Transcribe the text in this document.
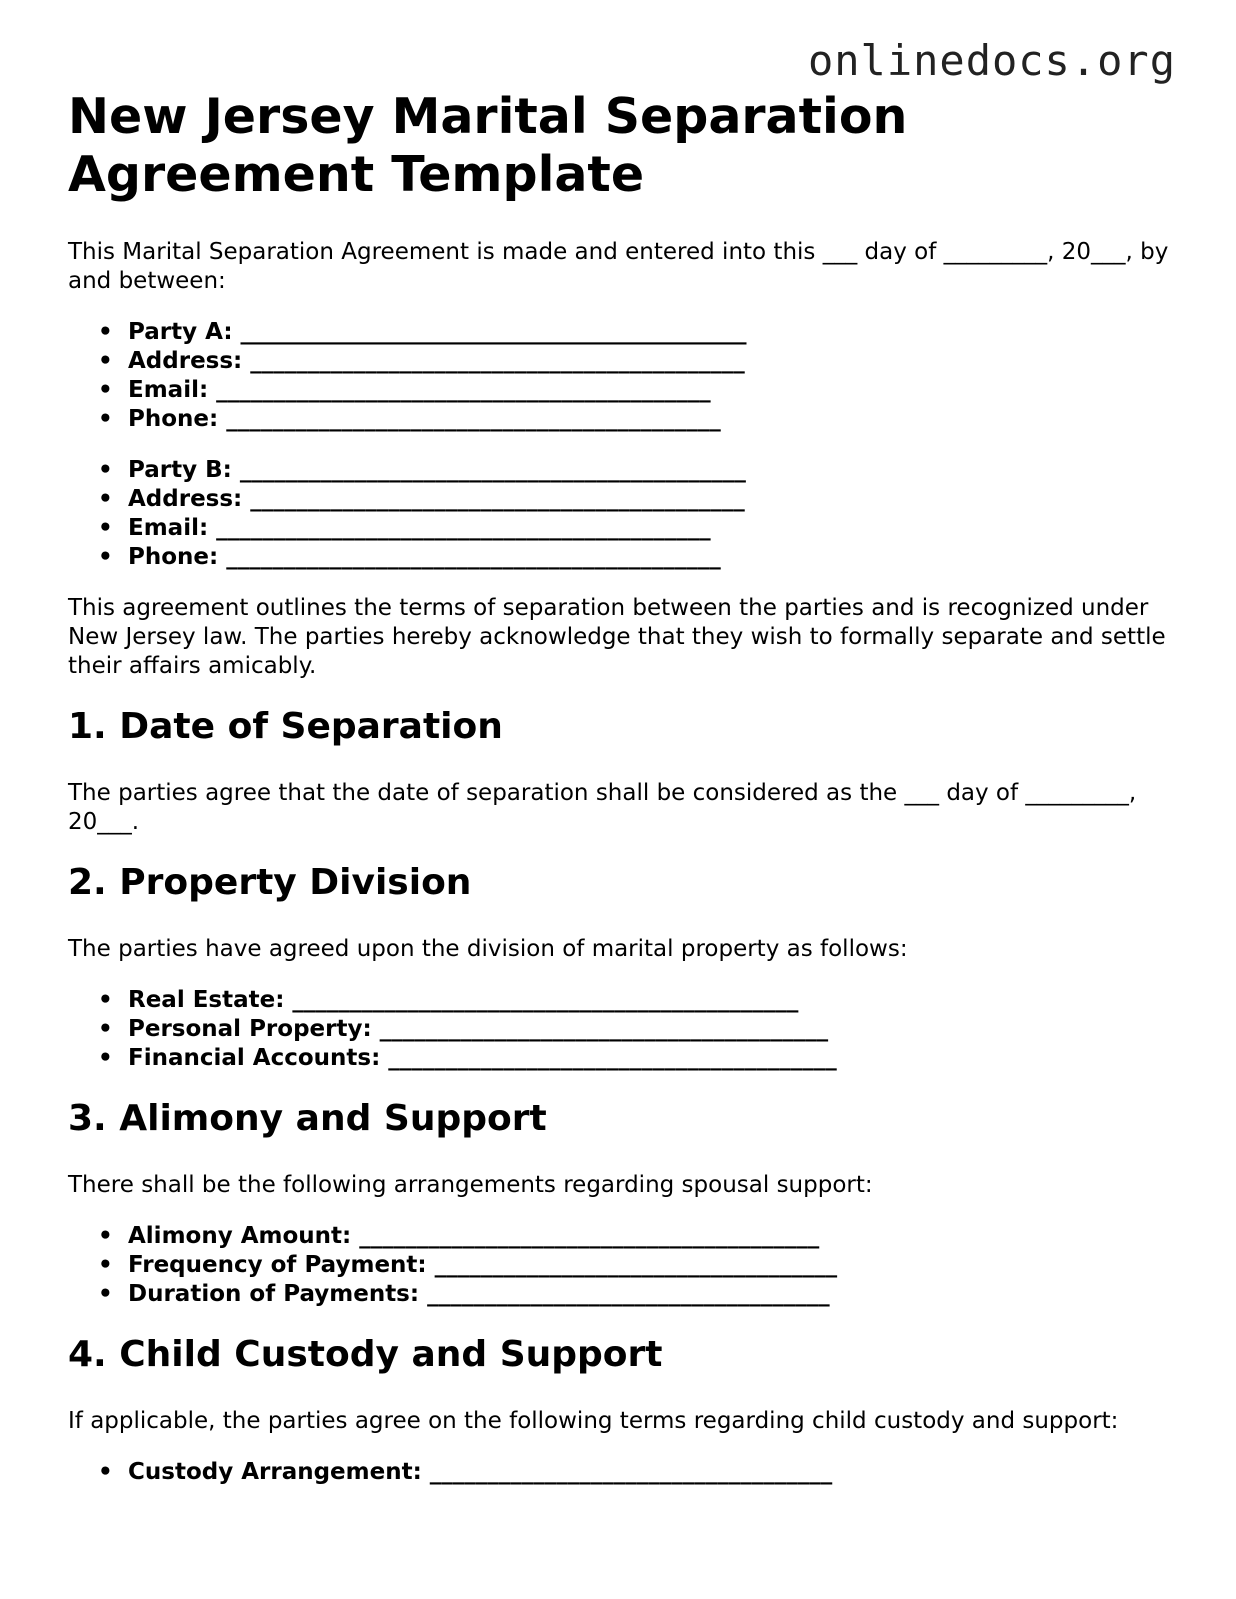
onlinedocs.org
New Jersey Marital Separation Agreement Template

This Marital Separation Agreement is made and entered into this ___ day of _________, 20___, by and between:

• Party A: ____________________________________________
• Address: ___________________________________________
• Email: ___________________________________________
• Phone: ___________________________________________
• Party B: ____________________________________________
• Address: ___________________________________________
• Email: ___________________________________________
• Phone: ___________________________________________

This agreement outlines the terms of separation between the parties and is recognized under New Jersey law. The parties hereby acknowledge that they wish to formally separate and settle their affairs amicably.

1. Date of Separation

The parties agree that the date of separation shall be considered as the ___ day of _________, 20___.

2. Property Division

The parties have agreed upon the division of marital property as follows:

• Real Estate: ____________________________________________
• Personal Property: _______________________________________
• Financial Accounts: _______________________________________
3. Alimony and Support

There shall be the following arrangements regarding spousal support:

• Alimony Amount: ________________________________________
• Frequency of Payment: ___________________________________
• Duration of Payments: ___________________________________
4. Child Custody and Support

If applicable, the parties agree on the following terms regarding child custody and support:

• Custody Arrangement: ___________________________________
